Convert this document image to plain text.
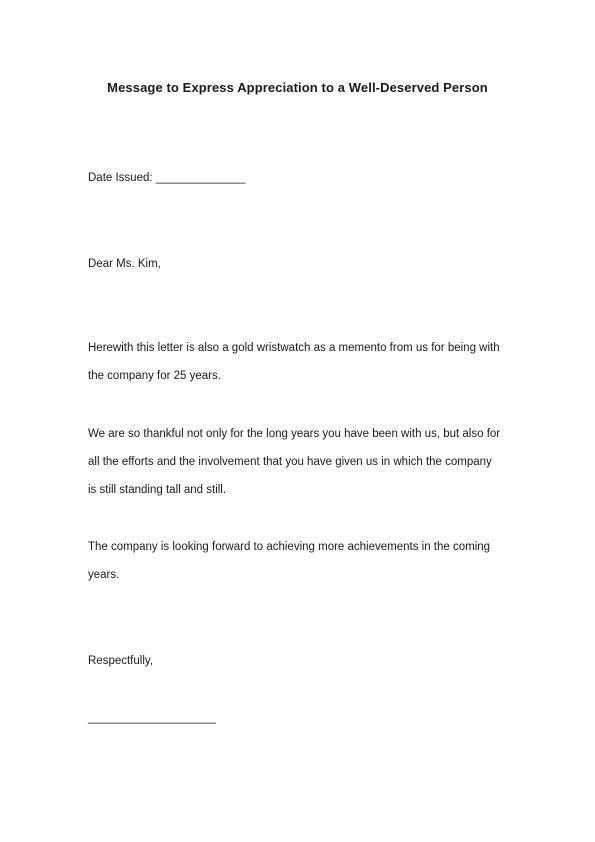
Message to Express Appreciation to a Well-Deserved Person
Date Issued: ______________
Dear Ms. Kim,
Herewith this letter is also a gold wristwatch as a memento from us for being with
the company for 25 years.
We are so thankful not only for the long years you have been with us, but also for
all the efforts and the involvement that you have given us in which the company
is still standing tall and still.
The company is looking forward to achieving more achievements in the coming
years.
Respectfully,
____________________
